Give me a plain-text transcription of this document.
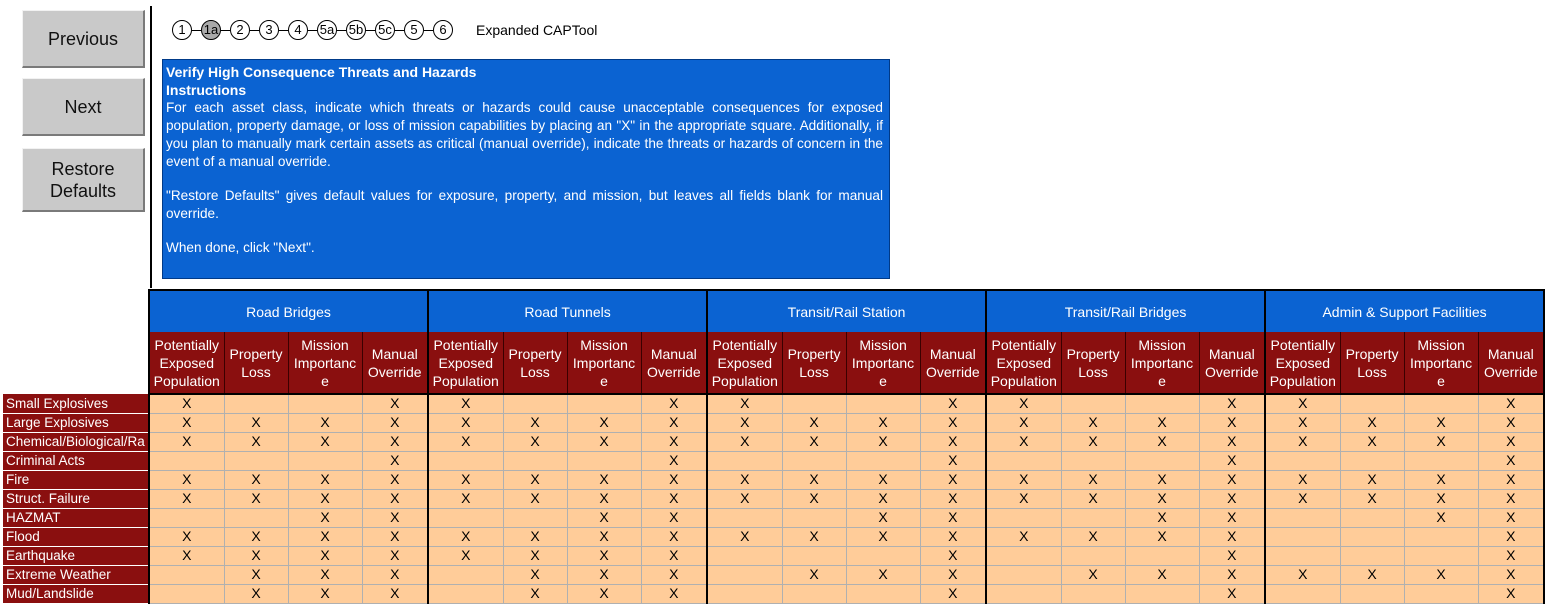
Previous
Next
Restore
Defaults
1	1a	2	3	4	5a 5b 5c	5	6	Expanded CAPTool
Verify High Consequence Threats and Hazards
Instructions

For each asset class, indicate which threats or hazards could cause unacceptable consequences for exposed population, property damage, or loss of mission capabilities by placing an "X" in the appropriate square. Additionally, if you plan to manually mark certain assets as critical (manual override), indicate the threats or hazards of concern in the event of a manual override.

"Restore Defaults" gives default values for exposure, property, and mission, but leaves all fields blank for manual override.

When done, click "Next".

	Road Bridges				Road Tunnels				Transit/Rail Station				Transit/Rail Bridges				Admin & Support Facilities			
	Potentially
Exposed
Population	Property
Loss	Mission
Importanc
e	Manual
Override	Potentially
Exposed
Population	Property
Loss	Mission
Importanc
e	Manual
Override	Potentially
Exposed
Population	Property
Loss	Mission
Importanc
e	Manual
Override	Potentially
Exposed
Population	Property
Loss	Mission
Importanc
e	Manual
Override	Potentially
Exposed
Population	Property
Loss	Mission
Importanc
e	Manual
Override
Small Explosives	X			X	X			X	X			X	X			X	X			X
Large Explosives	X	X	X	X	X	X	X	X	X	X	X	X	X	X	X	X	X	X	X	X
Chemical/Biological/Ra	X	X	X	X	X	X	X	X	X	X	X	X	X	X	X	X	X	X	X	X
Criminal Acts				X				X				X				X				X
Fire	X	X	X	X	X	X	X	X	X	X	X	X	X	X	X	X	X	X	X	X
Struct. Failure	X	X	X	X	X	X	X	X	X	X	X	X	X	X	X	X	X	X	X	X
HAZMAT			X	X			X	X			X	X			X	X			X	X
Flood	X	X	X	X	X	X	X	X	X	X	X	X	X	X	X	X				X
Earthquake	X	X	X	X	X	X	X	X				X				X				X
Extreme Weather		X	X	X		X	X	X		X	X	X		X	X	X	X	X	X	X
Mud/Landslide		X	X	X		X	X	X				X				X				X
